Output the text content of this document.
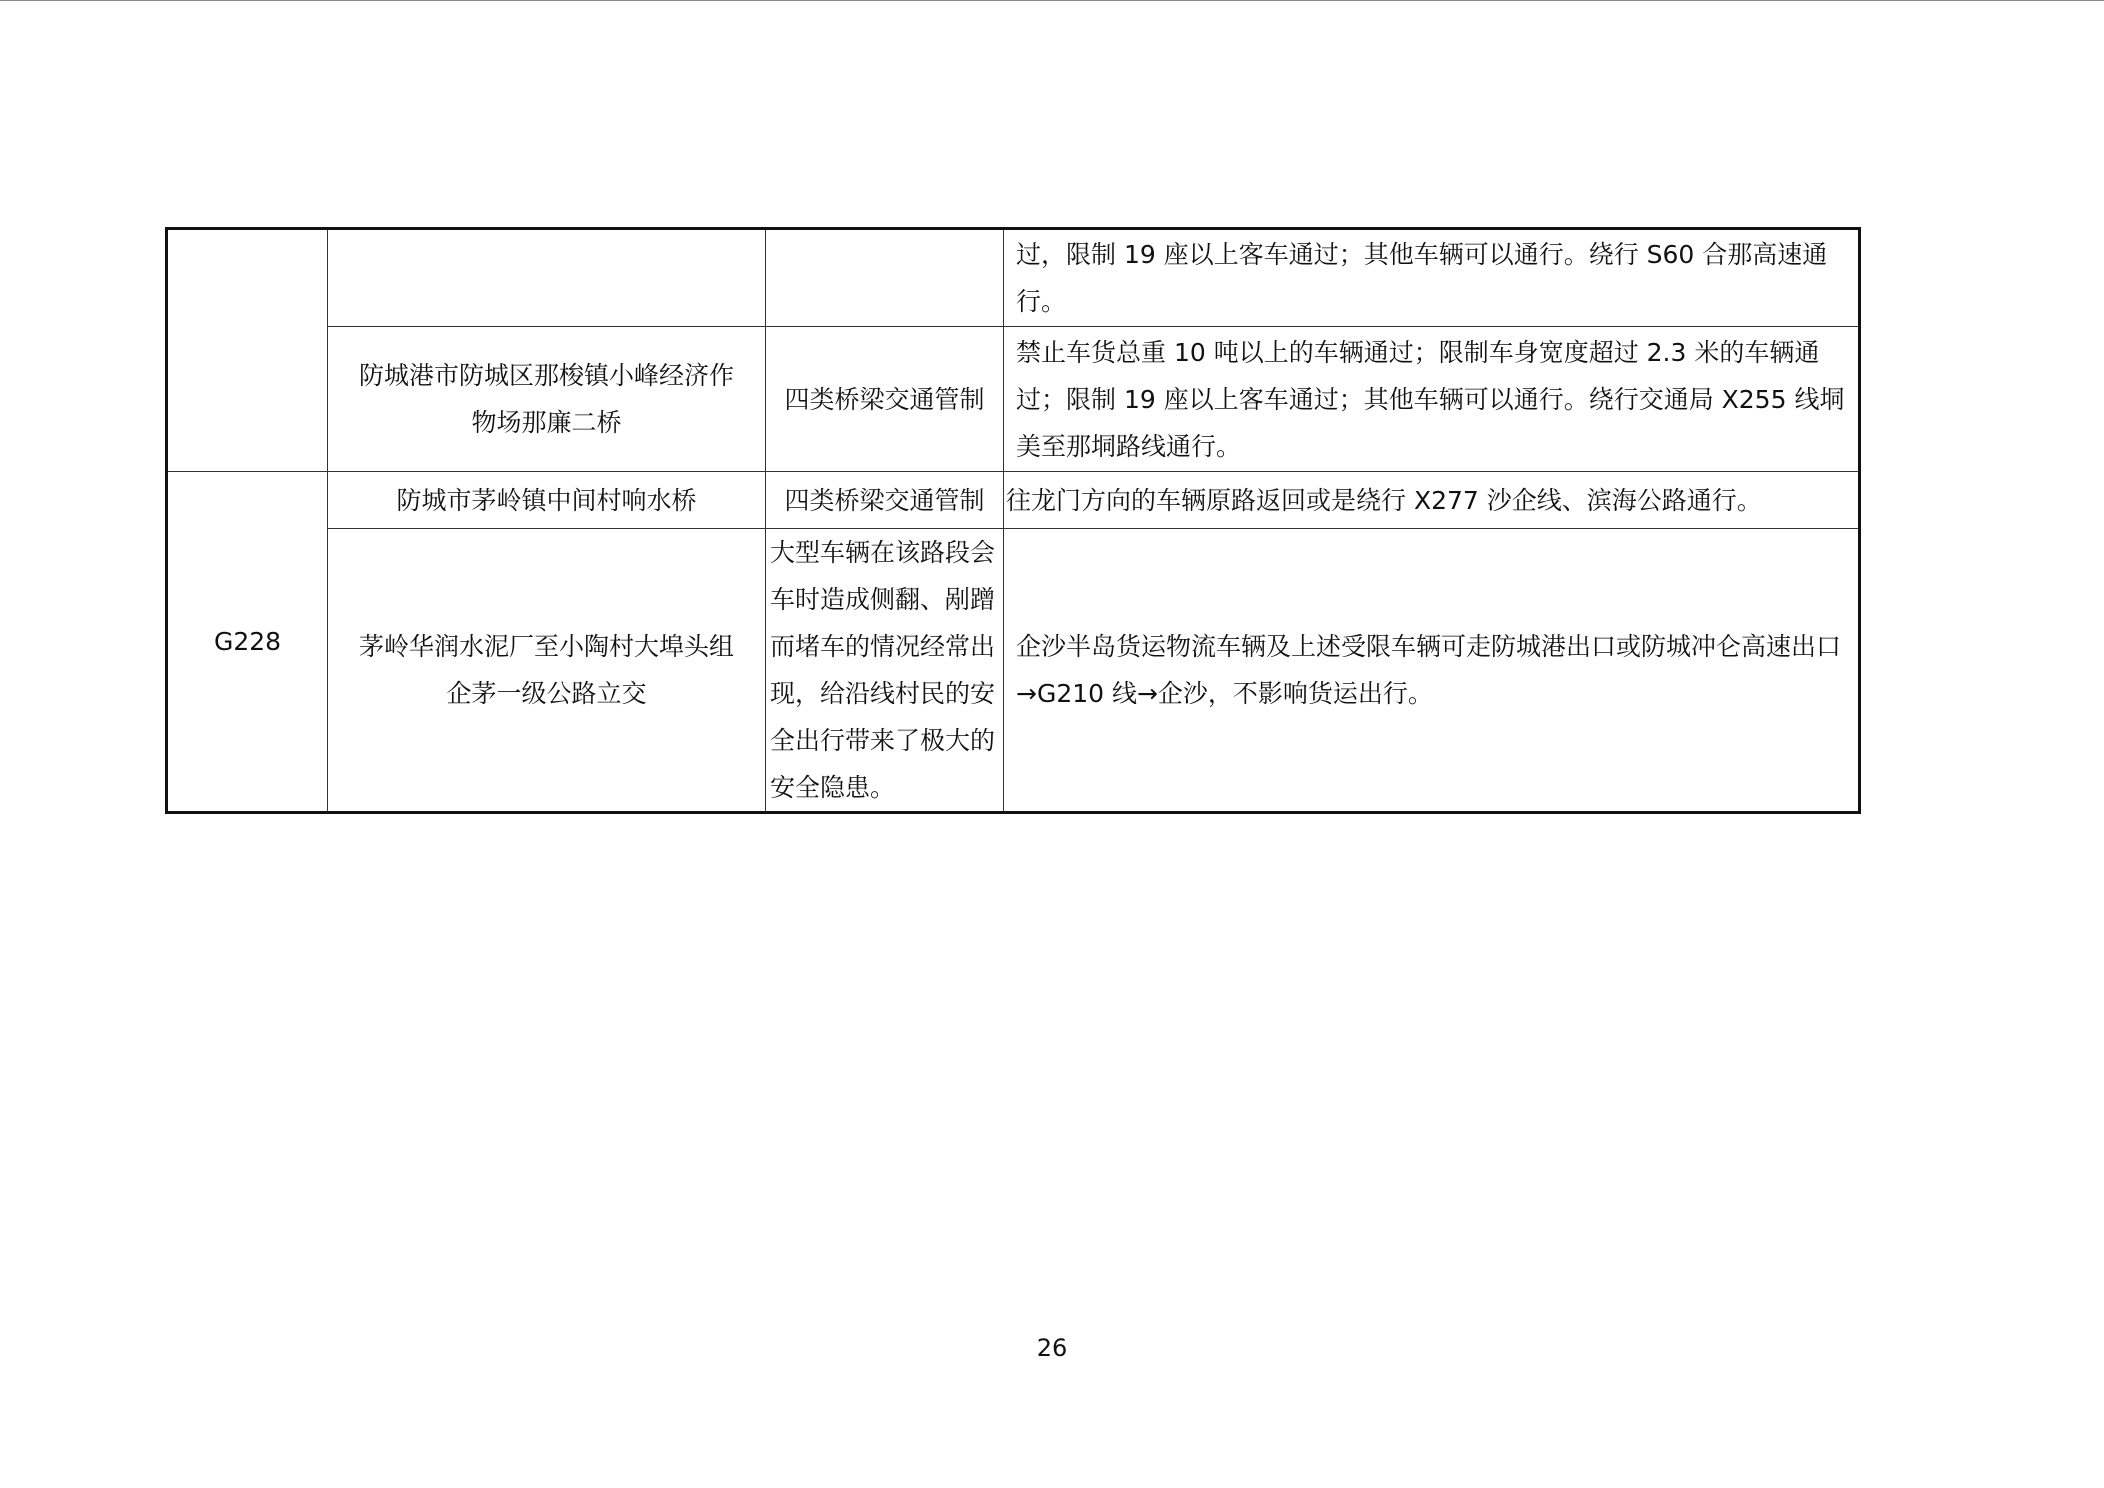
			过，限制 19 座以上客车通过；其他车辆可以通行。绕行 S60 合那高速通行。
	防城港市防城区那梭镇小峰经济作物场那廉二桥	四类桥梁交通管制	禁止车货总重 10 吨以上的车辆通过；限制车身宽度超过 2.3 米的车辆通过；限制 19 座以上客车通过；其他车辆可以通行。绕行交通局 X255 线垌美至那垌路线通行。
G228	防城市茅岭镇中间村响水桥	四类桥梁交通管制	往龙门方向的车辆原路返回或是绕行 X277 沙企线、滨海公路通行。
	茅岭华润水泥厂至小陶村大埠头组企茅一级公路立交	大型车辆在该路段会车时造成侧翻、剐蹭而堵车的情况经常出现，给沿线村民的安全出行带来了极大的安全隐患。	企沙半岛货运物流车辆及上述受限车辆可走防城港出口或防城冲仑高速出口→G210 线→企沙，不影响货运出行。
26
